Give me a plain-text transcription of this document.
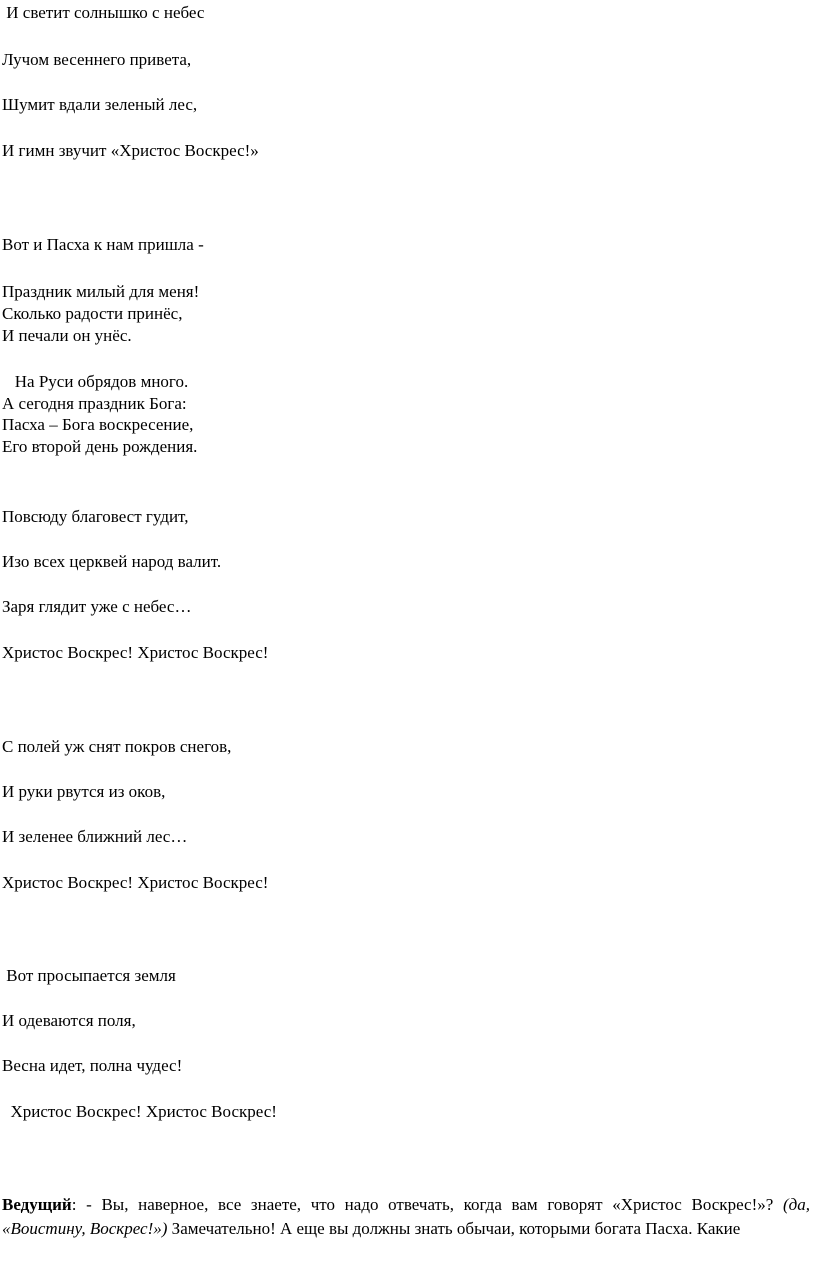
И светит солнышко с небес
Лучом весеннего привета,
Шумит вдали зеленый лес,
И гимн звучит «Христос Воскрес!»
Вот и Пасха к нам пришла -
Праздник милый для меня!
Сколько радости принёс,
И печали он унёс.
На Руси обрядов много.
А сегодня праздник Бога:
Пасха – Бога воскресение,
Его второй день рождения.
Повсюду благовест гудит,
Изо всех церквей народ валит.
Заря глядит уже с небес…
Христос Воскрес! Христос Воскрес!
С полей уж снят покров снегов,
И руки рвутся из оков,
И зеленее ближний лес…
Христос Воскрес! Христос Воскрес!
Вот просыпается земля
И одеваются поля,
Весна идет, полна чудес!
Христос Воскрес! Христос Воскрес!
Ведущий: - Вы, наверное, все знаете, что надо отвечать, когда вам говорят «Христос Воскрес!»? (да, «Воистину, Воскрес!») Замечательно! А еще вы должны знать обычаи, которыми богата Пасха. Какие
